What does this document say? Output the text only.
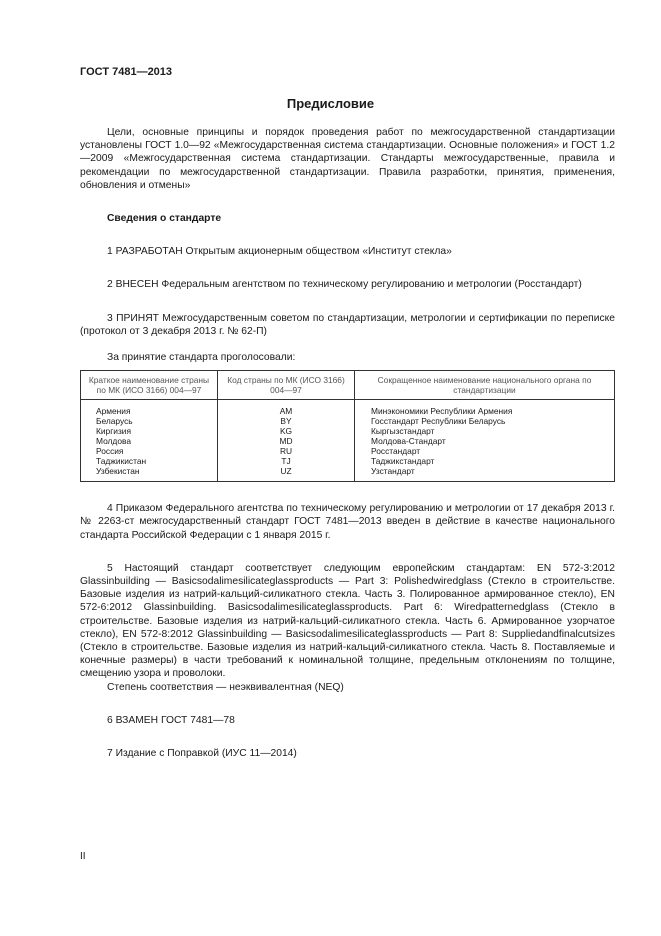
ГОСТ 7481—2013
Предисловие

Цели, основные принципы и порядок проведения работ по межгосударственной стандартизации установлены ГОСТ 1.0—92 «Межгосударственная система стандартизации. Основные положения» и ГОСТ 1.2—2009 «Межгосударственная система стандартизации. Стандарты межгосударственные, правила и рекомендации по межгосударственной стандартизации. Правила разработки, принятия, применения, обновления и отмены»

Сведения о стандарте

1 РАЗРАБОТАН Открытым акционерным обществом «Институт стекла»

2 ВНЕСЕН Федеральным агентством по техническому регулированию и метрологии (Росстандарт)

3 ПРИНЯТ Межгосударственным советом по стандартизации, метрологии и сертификации по переписке (протокол от 3 декабря 2013 г. № 62-П)

За принятие стандарта проголосовали:

Краткое наименование страны по МК (ИСО 3166) 004—97	Код страны по МК (ИСО 3166) 004—97	Сокращенное наименование национального органа по стандартизации
Армения	AM	Минэкономики Республики Армения
Беларусь	BY	Госстандарт Республики Беларусь
Киргизия	KG	Кыргызстандарт
Молдова	MD	Молдова-Стандарт
Россия	RU	Росстандарт
Таджикистан	TJ	Таджикстандарт
Узбекистан	UZ	Узстандарт

4 Приказом Федерального агентства по техническому регулированию и метрологии от 17 декабря 2013 г. № 2263-ст межгосударственный стандарт ГОСТ 7481—2013 введен в действие в качестве национального стандарта Российской Федерации с 1 января 2015 г.

5 Настоящий стандарт соответствует следующим европейским стандартам: EN 572-3:2012 Glassinbuilding — Basicsodalimesilicateglassproducts — Part 3: Polishedwiredglass (Стекло в строительстве. Базовые изделия из натрий-кальций-силикатного стекла. Часть 3. Полированное армированное стекло), EN 572-6:2012 Glassinbuilding. Basicsodalimesilicateglassproducts. Part 6: Wiredpatternedglass (Стекло в строительстве. Базовые изделия из натрий-кальций-силикатного стекла. Часть 6. Армированное узорчатое стекло), EN 572-8:2012 Glassinbuilding — Basicsodalimesilicateglassproducts — Part 8: Suppliedandfinalcutsizes (Стекло в строительстве. Базовые изделия из натрий-кальций-силикатного стекла. Часть 8. Поставляемые и конечные размеры) в части требований к номинальной толщине, предельным отклонениям по толщине, смещению узора и проволоки.

Степень соответствия — неэквивалентная (NEQ)

6 ВЗАМЕН ГОСТ 7481—78

7 Издание с Поправкой (ИУС 11—2014)

II
